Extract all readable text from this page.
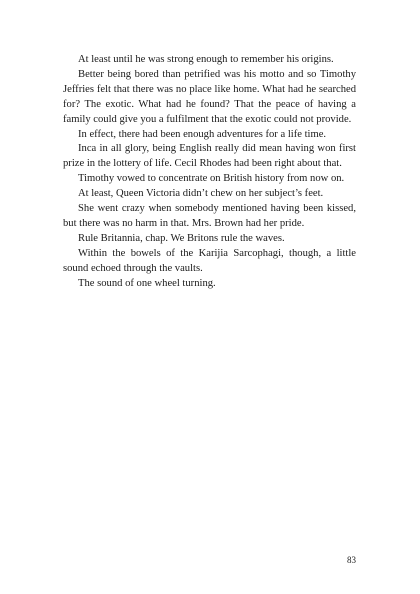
At least until he was strong enough to remember his origins.

Better being bored than petrified was his motto and so Timothy Jeffries felt that there was no place like home. What had he searched for? The exotic. What had he found? That the peace of having a family could give you a fulfilment that the exotic could not provide.

In effect, there had been enough adventures for a life time.

Inca in all glory, being English really did mean having won first prize in the lottery of life. Cecil Rhodes had been right about that.

Timothy vowed to concentrate on British history from now on.

At least, Queen Victoria didn’t chew on her subject’s feet.

She went crazy when somebody mentioned having been kissed, but there was no harm in that. Mrs. Brown had her pride.

Rule Britannia, chap. We Britons rule the waves.

Within the bowels of the Karijia Sarcophagi, though, a little sound echoed through the vaults.

The sound of one wheel turning.

83
